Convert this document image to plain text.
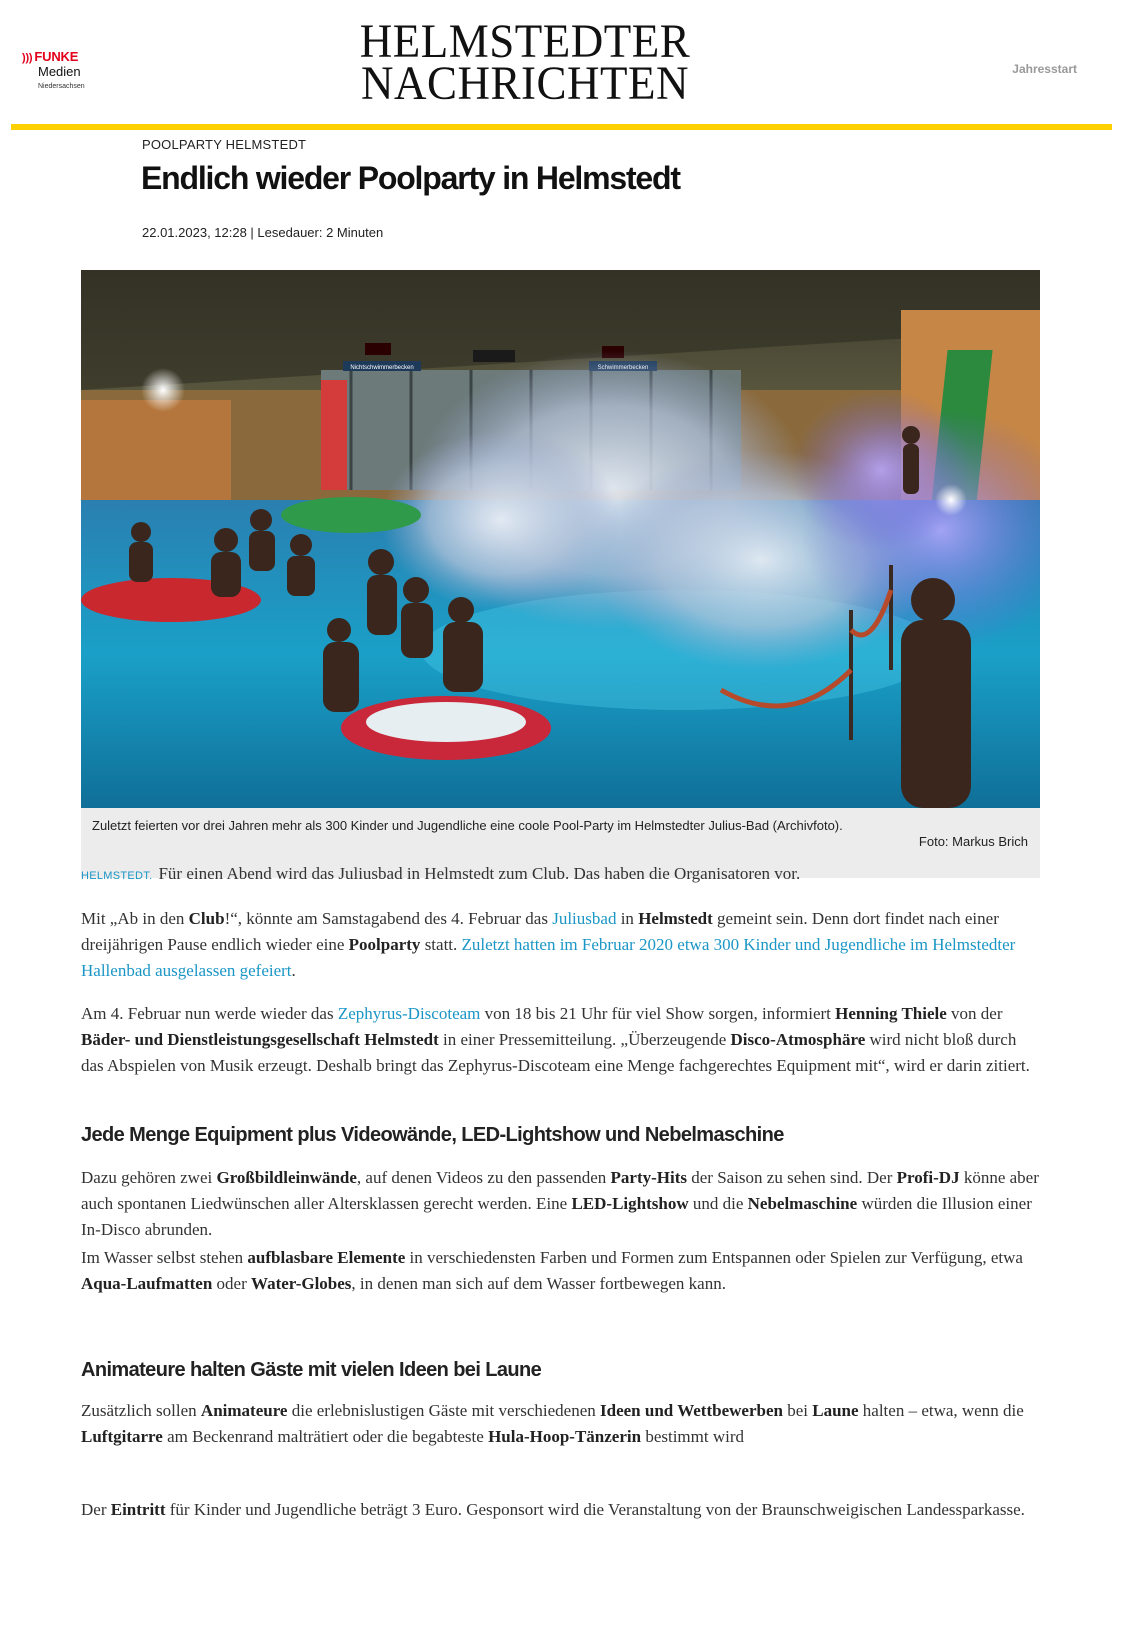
))) FUNKE
Medien
Niedersachsen
HELMSTEDTER
NACHRICHTEN	Jahresstart
POOLPARTY HELMSTEDT
Endlich wieder Poolparty in Helmstedt
22.01.2023, 12:28 | Lesedauer: 2 Minuten
Nichtschwimmerbecken
Zuletzt feierten vor drei Jahren mehr als 300 Kinder und Jugendliche eine coole Pool-Party im Helmstedter Julius-Bad (Archivfoto).
Foto: Markus Brich

HELMSTEDT. Für einen Abend wird das Juliusbad in Helmstedt zum Club. Das haben die Organisatoren vor.

Mit „Ab in den Club!“, könnte am Samstagabend des 4. Februar das Juliusbad in Helmstedt gemeint sein. Denn dort findet nach einer dreijährigen Pause endlich wieder eine Poolparty statt. Zuletzt hatten im Februar 2020 etwa 300 Kinder und Jugendliche im Helmstedter Hallenbad ausgelassen gefeiert.

Am 4. Februar nun werde wieder das Zephyrus-Discoteam von 18 bis 21 Uhr für viel Show sorgen, informiert Henning Thiele von der Bäder- und Dienstleistungsgesellschaft Helmstedt in einer Pressemitteilung. „Überzeugende Disco-Atmosphäre wird nicht bloß durch das Abspielen von Musik erzeugt. Deshalb bringt das Zephyrus-Discoteam eine Menge fachgerechtes Equipment mit“, wird er darin zitiert.

Jede Menge Equipment plus Videowände, LED-Lightshow und Nebelmaschine

Dazu gehören zwei Großbildleinwände, auf denen Videos zu den passenden Party-Hits der Saison zu sehen sind. Der Profi-DJ könne aber auch spontanen Liedwünschen aller Altersklassen gerecht werden. Eine LED-Lightshow und die Nebelmaschine würden die Illusion einer In-Disco abrunden.

Im Wasser selbst stehen aufblasbare Elemente in verschiedensten Farben und Formen zum Entspannen oder Spielen zur Verfügung, etwa Aqua-Laufmatten oder Water-Globes, in denen man sich auf dem Wasser fortbewegen kann.

Animateure halten Gäste mit vielen Ideen bei Laune

Zusätzlich sollen Animateure die erlebnislustigen Gäste mit verschiedenen Ideen und Wettbewerben bei Laune halten – etwa, wenn die Luftgitarre am Beckenrand malträtiert oder die begabteste Hula-Hoop-Tänzerin bestimmt wird

Der Eintritt für Kinder und Jugendliche beträgt 3 Euro. Gesponsort wird die Veranstaltung von der Braunschweigischen Landessparkasse.
